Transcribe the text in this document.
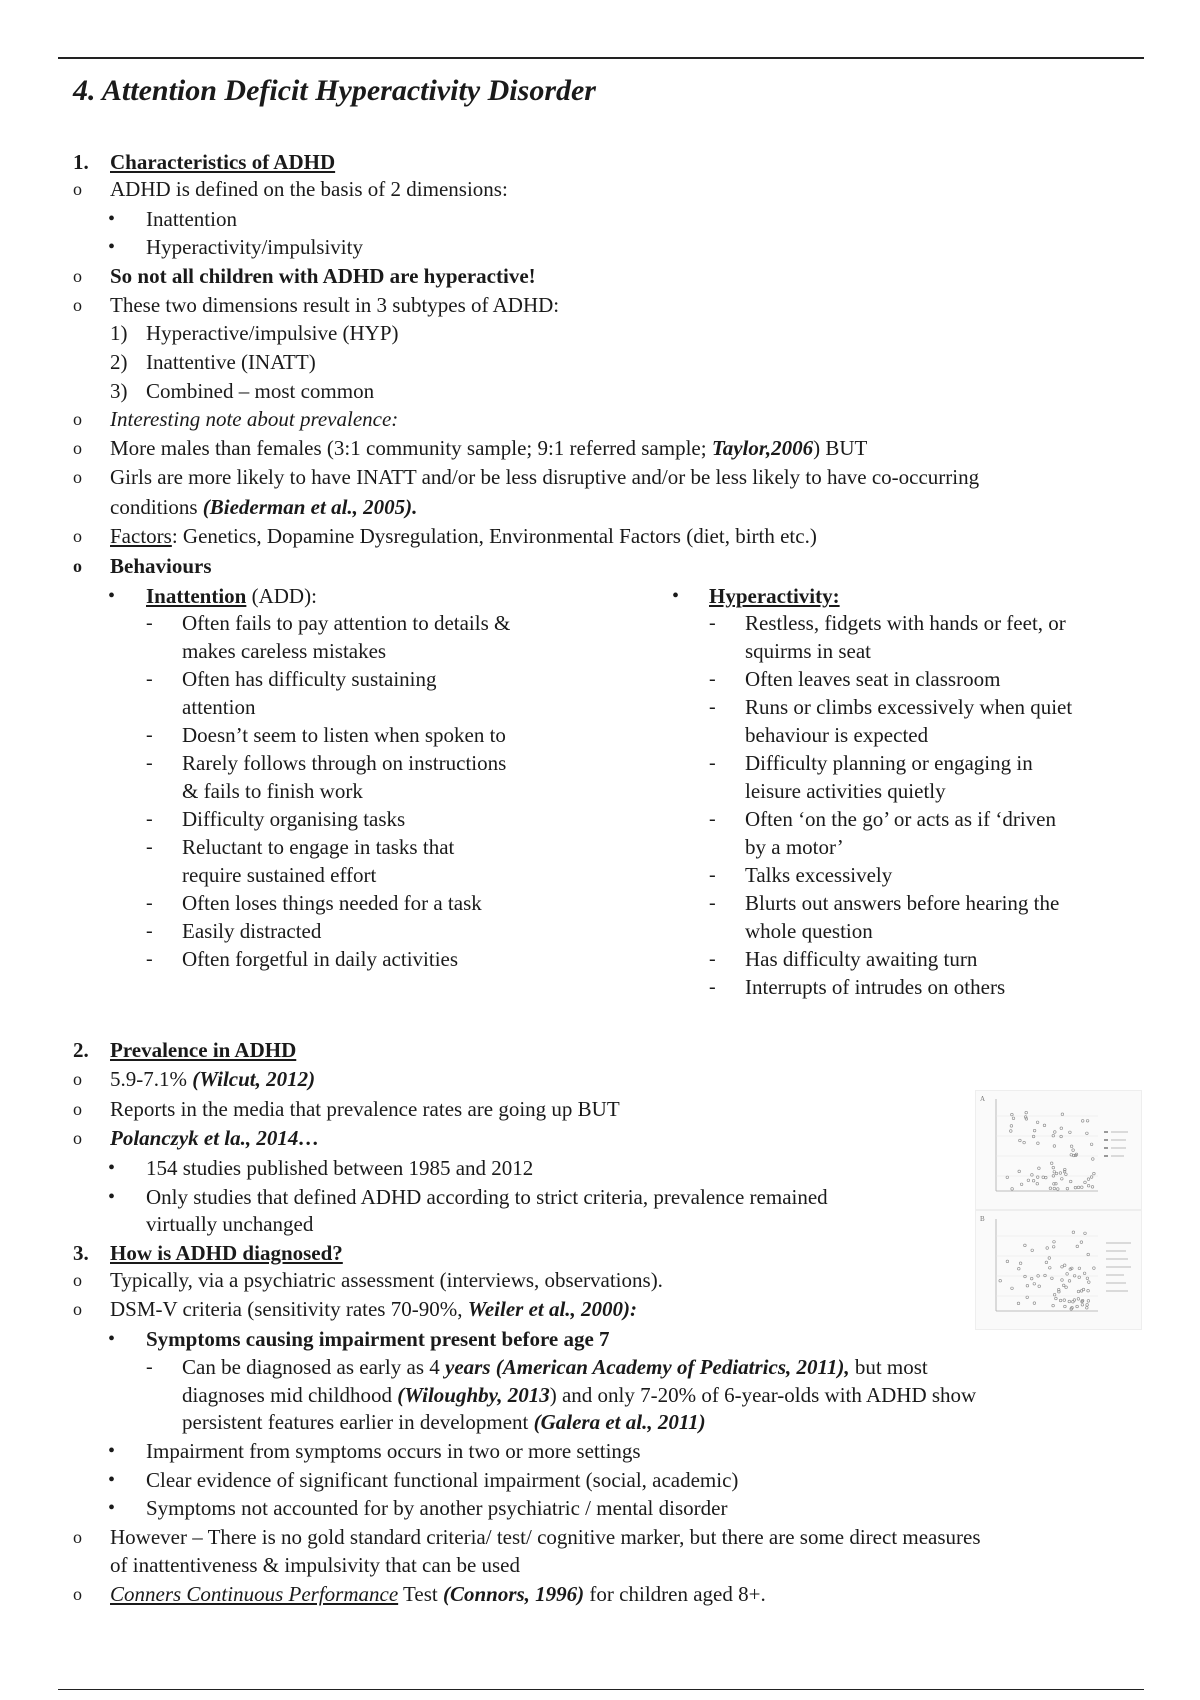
4. Attention Deficit Hyperactivity Disorder
1. Characteristics of ADHD
o ADHD is defined on the basis of 2 dimensions:
• Inattention
• Hyperactivity/impulsivity
o So not all children with ADHD are hyperactive!
o These two dimensions result in 3 subtypes of ADHD:
1) Hyperactive/impulsive (HYP)
2) Inattentive (INATT)
3) Combined – most common
o Interesting note about prevalence:
o More males than females (3:1 community sample; 9:1 referred sample; Taylor,2006) BUT
o Girls are more likely to have INATT and/or be less disruptive and/or be less likely to have co-occurring
conditions (Biederman et al., 2005).
o Factors: Genetics, Dopamine Dysregulation, Environmental Factors (diet, birth etc.)
o Behaviours
• Inattention (ADD):
- Often fails to pay attention to details &
makes careless mistakes
- Often has difficulty sustaining
attention
- Doesn’t seem to listen when spoken to
- Rarely follows through on instructions
& fails to finish work
- Difficulty organising tasks
- Reluctant to engage in tasks that
require sustained effort
- Often loses things needed for a task
- Easily distracted
- Often forgetful in daily activities
• Hyperactivity:
- Restless, fidgets with hands or feet, or
squirms in seat
- Often leaves seat in classroom
- Runs or climbs excessively when quiet
behaviour is expected
- Difficulty planning or engaging in
leisure activities quietly
- Often ‘on the go’ or acts as if ‘driven
by a motor’
- Talks excessively
- Blurts out answers before hearing the
whole question
- Has difficulty awaiting turn
- Interrupts of intrudes on others
2. Prevalence in ADHD
o 5.9-7.1% (Wilcut, 2012)
o Reports in the media that prevalence rates are going up BUT
o Polanczyk et la., 2014…
• 154 studies published between 1985 and 2012
• Only studies that defined ADHD according to strict criteria, prevalence remained
virtually unchanged
3. How is ADHD diagnosed?
o Typically, via a psychiatric assessment (interviews, observations).
o DSM-V criteria (sensitivity rates 70-90%, Weiler et al., 2000):
• Symptoms causing impairment present before age 7
- Can be diagnosed as early as 4 years (American Academy of Pediatrics, 2011), but most
diagnoses mid childhood (Wiloughby, 2013) and only 7-20% of 6-year-olds with ADHD show
persistent features earlier in development (Galera et al., 2011)
• Impairment from symptoms occurs in two or more settings
• Clear evidence of significant functional impairment (social, academic)
• Symptoms not accounted for by another psychiatric / mental disorder
o However – There is no gold standard criteria/ test/ cognitive marker, but there are some direct measures
of inattentiveness & impulsivity that can be used
o Conners Continuous Performance Test (Connors, 1996) for children aged 8+.
A
B
